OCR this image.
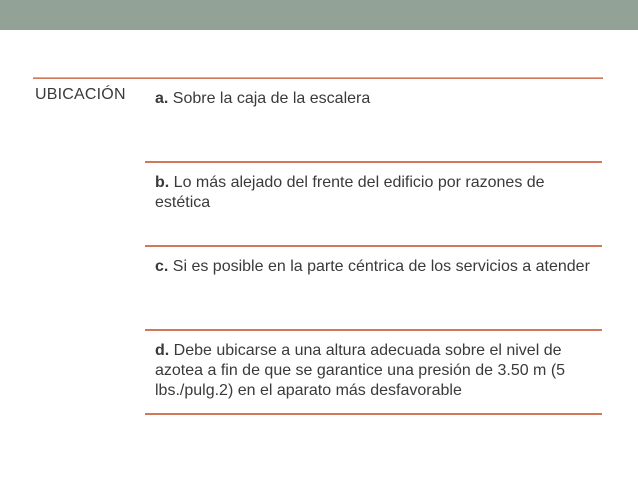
UBICACIÓN a. Sobre la caja de la escalera
b. Lo más alejado del frente del edificio por razones de estética
c. Si es posible en la parte céntrica de los servicios a atender
d. Debe ubicarse a una altura adecuada sobre el nivel de azotea a fin de que se garantice una presión de 3.50 m (5 lbs./pulg.2) en el aparato más desfavorable
